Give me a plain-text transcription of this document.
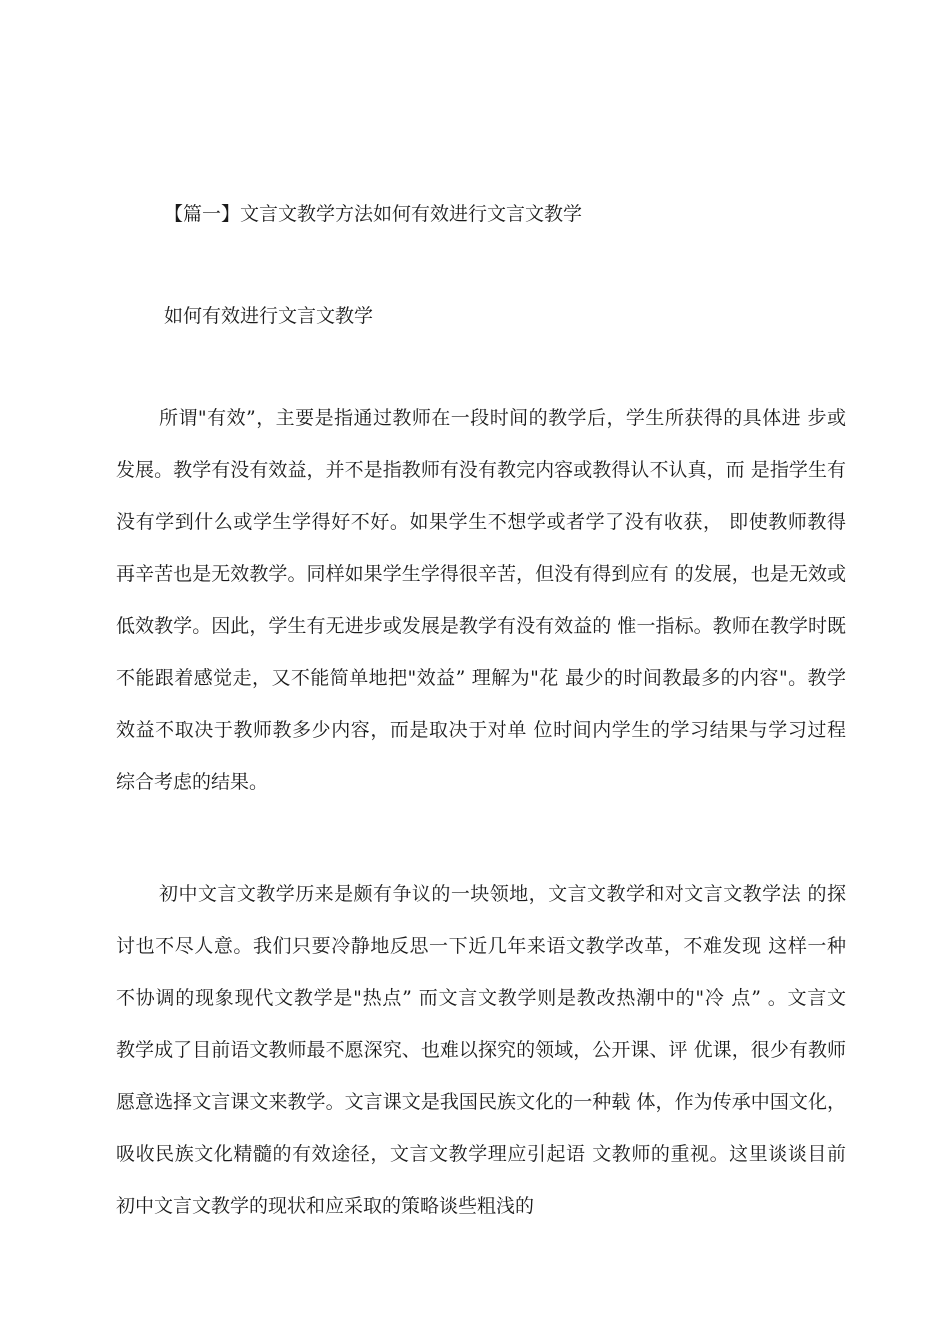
【篇一】文言文教学方法如何有效进行文言文教学
如何有效进行文言文教学
所谓"有效”，主要是指通过教师在一段时间的教学后，学生所获得的具体进 步或
发展。教学有没有效益，并不是指教师有没有教完内容或教得认不认真，而 是指学生有
没有学到什么或学生学得好不好。如果学生不想学或者学了没有收获， 即使教师教得
再辛苦也是无效教学。同样如果学生学得很辛苦，但没有得到应有 的发展，也是无效或
低效教学。因此，学生有无进步或发展是教学有没有效益的 惟一指标。教师在教学时既
不能跟着感觉走，又不能简单地把"效益” 理解为"花 最少的时间教最多的内容"。教学
效益不取决于教师教多少内容，而是取决于对单 位时间内学生的学习结果与学习过程
综合考虑的结果。
初中文言文教学历来是颇有争议的一块领地，文言文教学和对文言文教学法 的探
讨也不尽人意。我们只要冷静地反思一下近几年来语文教学改革，不难发现 这样一种
不协调的现象现代文教学是"热点” 而文言文教学则是教改热潮中的"冷 点” 。文言文
教学成了目前语文教师最不愿深究、也难以探究的领域，公开课、评 优课，很少有教师
愿意选择文言课文来教学。文言课文是我国民族文化的一种载 体，作为传承中国文化，
吸收民族文化精髓的有效途径，文言文教学理应引起语 文教师的重视。这里谈谈目前
初中文言文教学的现状和应采取的策略谈些粗浅的
